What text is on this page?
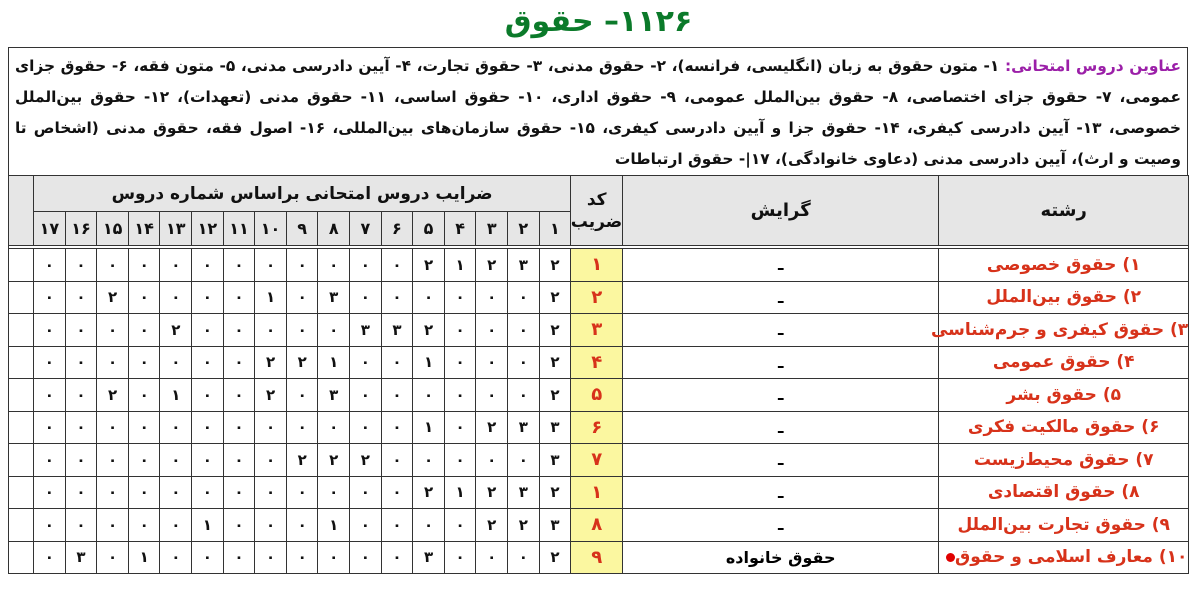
۱۱۲۶– حقوق
عناوین دروس امتحانی: ۱- متون حقوق به زبان (انگلیسی، فرانسه)، ۲- حقوق مدنی، ۳- حقوق تجارت، ۴- آیین دادرسی مدنی، ۵- متون فقه، ۶- حقوق جزای عمومی، ۷- حقوق جزای اختصاصی، ۸- حقوق بین‌الملل عمومی، ۹- حقوق اداری، ۱۰- حقوق اساسی، ۱۱- حقوق مدنی (تعهدات)، ۱۲- حقوق بین‌الملل خصوصی، ۱۳- آیین دادرسی کیفری، ۱۴- حقوق جزا و آیین دادرسی کیفری، ۱۵- حقوق سازمان‌های بین‌المللی، ۱۶- اصول فقه، حقوق مدنی (اشخاص تا وصیت و ارث)، آیین دادرسی مدنی (دعاوی خانوادگی)، ۱۷|- حقوق ارتباطات
رشته	گرایش	کد ضریب	ضرایب دروس امتحانی براساس شماره دروس																	
			۱	۲	۳	۴	۵	۶	۷	۸	۹	۱۰	۱۱	۱۲	۱۳	۱۴	۱۵	۱۶	۱۷	

۱) حقوق خصوصی	ـ	۱	۲	۳	۲	۱	۲	٠	٠	٠	٠	٠	٠	٠	٠	٠	٠	٠	٠	
۲) حقوق بین‌الملل	ـ	۲	۲	٠	٠	٠	٠	٠	٠	۳	٠	۱	٠	٠	٠	٠	۲	٠	٠	
۳) حقوق کیفری و جرم‌شناسی	ـ	۳	۲	٠	٠	٠	۲	۳	۳	٠	٠	٠	٠	٠	۲	٠	٠	٠	٠	
۴) حقوق عمومی	ـ	۴	۲	٠	٠	٠	۱	٠	٠	۱	۲	۲	٠	٠	٠	٠	٠	٠	٠	
۵) حقوق بشر	ـ	۵	۲	٠	٠	٠	٠	٠	٠	۳	٠	۲	٠	٠	۱	٠	۲	٠	٠	
۶) حقوق مالکیت فکری	ـ	۶	۳	۳	۲	٠	۱	٠	٠	٠	٠	٠	٠	٠	٠	٠	٠	٠	٠	
۷) حقوق محیط‌زیست	ـ	۷	۳	٠	٠	٠	٠	٠	۲	۲	۲	٠	٠	٠	٠	٠	٠	٠	٠	
۸) حقوق اقتصادی	ـ	۱	۲	۳	۲	۱	۲	٠	٠	٠	٠	٠	٠	٠	٠	٠	٠	٠	٠	
۹) حقوق تجارت بین‌الملل	ـ	۸	۳	۲	۲	٠	٠	٠	٠	۱	٠	٠	٠	۱	٠	٠	٠	٠	٠	
۱۰) معارف اسلامی و حقوق	حقوق خانواده	۹	۲	٠	٠	٠	۳	٠	٠	٠	٠	٠	٠	٠	٠	۱	٠	۳	٠	
